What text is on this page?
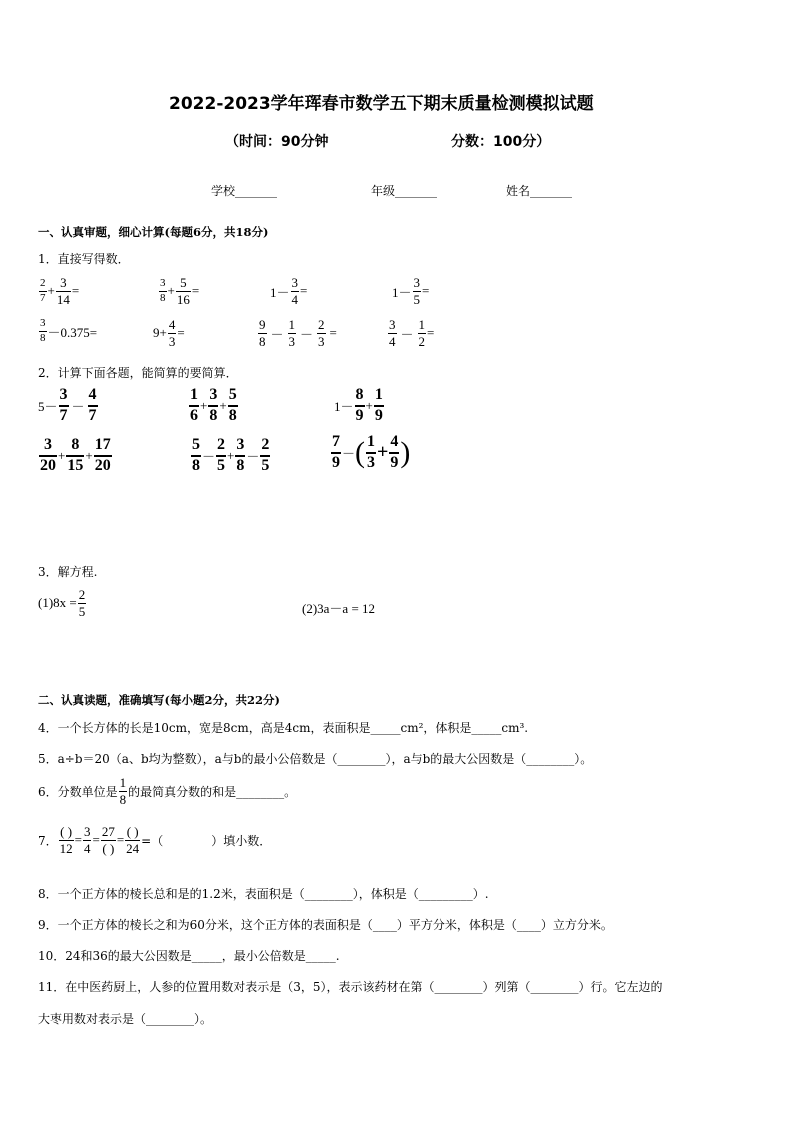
2022-2023学年珲春市数学五下期末质量检测模拟试题
（时间：90分钟	分数：100分）
学校_______	年级_______	姓名_______
一、认真审题，细心计算(每题6分，共18分)
1．直接写得数．
$\frac{2}{7} + \frac{3}{14}$ =	$\frac{3}{8} + \frac{5}{16}$ =	$1- \frac{3}{4}$ =	$1- \frac{3}{5}$ =
$\frac{3}{8} -0.375=$	$9+ \frac{4}{3}$ =	$\frac{9}{8} - \frac{1}{3} - \frac{2}{3}$ =	$\frac{3}{4} - \frac{1}{2}$ =
2．计算下面各题，能简算的要简算．
$5- \frac{3}{7} - \frac{4}{7}$	$\frac{1}{6} + \frac{3}{8} + \frac{5}{8}$	$1- \frac{8}{9} + \frac{1}{9}$
$\frac{3}{20} + \frac{8}{15} + \frac{17}{20}$	$\frac{5}{8} - \frac{2}{5} + \frac{3}{8} - \frac{2}{5}$	$\frac{7}{9}$ － ( $\frac{1}{3} + \frac{4}{9}$ )
3．解方程.
$(1)8x = \frac{2}{5}$	(2)3a－a = 12
二、认真读题，准确填写(每小题2分，共22分)
4．一个长方体的长是10cm，宽是8cm，高是4cm，表面积是_____cm²，体积是_____cm³.
5．a÷b＝20（a、b均为整数），a与b的最小公倍数是（________），a与b的最大公因数是（________）。
6．分数单位是 $\frac{1}{8}$ 的最简真分数的和是________。
7． $\frac{( )}{12} = \frac{3}{4} = \frac{27}{( )} = \frac{( )}{24}$ =（　　　　）填小数．
8．一个正方体的棱长总和是的1.2米，表面积是（________），体积是（_________）.
9．一个正方体的棱长之和为60分米，这个正方体的表面积是（____）平方分米，体积是（____）立方分米。
10．24和36的最大公因数是_____，最小公倍数是_____.
11．在中医药厨上，人参的位置用数对表示是（3，5），表示该药材在第（________）列第（________）行。它左边的
大枣用数对表示是（________）。
